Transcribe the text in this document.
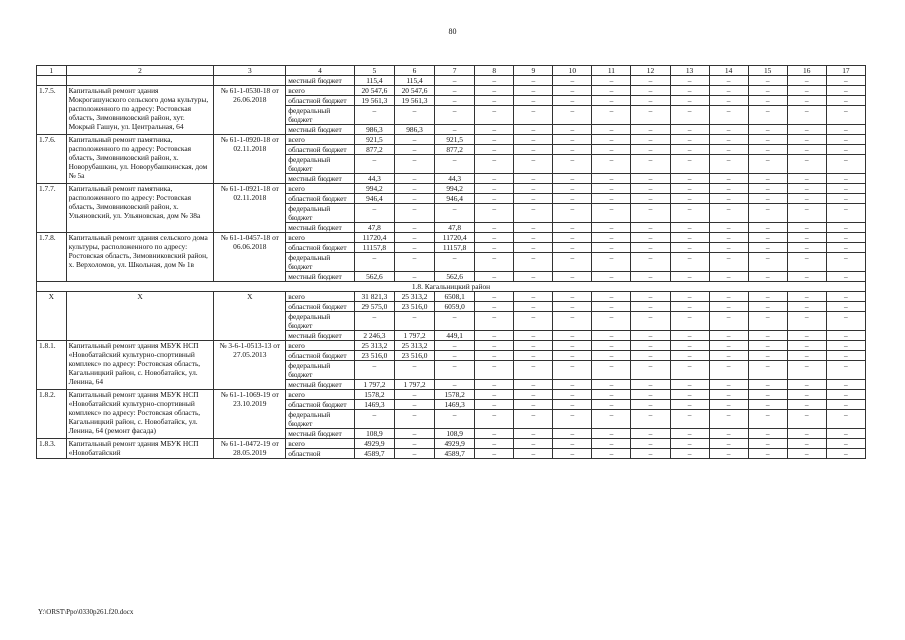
80
1	2	3	4	5	6	7	8	9	10	11	12	13	14	15	16	17
			местный бюджет	115,4	115,4	–	–	–	–	–	–	–	–	–	–	–
1.7.5.	Капитальный ремонт здания Мокрогашунского сельского дома культуры, расположенного по адресу: Ростовская область, Зимовниковский район, хут. Мокрый Гашун, ул. Центральная, 64	№ 61-1-0530-18 от 26.06.2018	всего	20 547,6	20 547,6	–	–	–	–	–	–	–	–	–	–	–
			областной бюджет	19 561,3	19 561,3	–	–	–	–	–	–	–	–	–	–	–
			федеральный бюджет	–	–	–	–	–	–	–	–	–	–	–	–	–
			местный бюджет	986,3	986,3	–	–	–	–	–	–	–	–	–	–	–
1.7.6.	Капитальный ремонт памятника, расположенного по адресу: Ростовская область, Зимовниковский район, х. Новорубашкин, ул. Новорубашкинская, дом № 5а	№ 61-1-0920-18 от 02.11.2018	всего	921,5	–	921,5	–	–	–	–	–	–	–	–	–	–
			областной бюджет	877,2	–	877,2	–	–	–	–	–	–	–	–	–	–
			федеральный бюджет	–	–	–	–	–	–	–	–	–	–	–	–	–
			местный бюджет	44,3	–	44,3	–	–	–	–	–	–	–	–	–	–
1.7.7.	Капитальный ремонт памятника, расположенного по адресу: Ростовская область, Зимовниковский район, х. Ульяновский, ул. Ульяновская, дом № 38а	№ 61-1-0921-18 от 02.11.2018	всего	994,2	–	994,2	–	–	–	–	–	–	–	–	–	–
			областной бюджет	946,4	–	946,4	–	–	–	–	–	–	–	–	–	–
			федеральный бюджет	–	–	–	–	–	–	–	–	–	–	–	–	–
			местный бюджет	47,8	–	47,8	–	–	–	–	–	–	–	–	–	–
1.7.8.	Капитальный ремонт здания сельского дома культуры, расположенного по адресу: Ростовская область, Зимовниковский район, х. Верхоломов, ул. Школьная, дом № 1в	№ 61-1-0457-18 от 06.06.2018	всего	11720,4	–	11720,4	–	–	–	–	–	–	–	–	–	–
			областной бюджет	11157,8	–	11157,8	–	–	–	–	–	–	–	–	–	–
			федеральный бюджет	–	–	–	–	–	–	–	–	–	–	–	–	–
			местный бюджет	562,6	–	562,6	–	–	–	–	–	–	–	–	–	–
1.8. Кагальницкий район																
X	X	X	всего	31 821,3	25 313,2	6508,1	–	–	–	–	–	–	–	–	–	–
			областной бюджет	29 575,0	23 516,0	6059,0	–	–	–	–	–	–	–	–	–	–
			федеральный бюджет	–	–	–	–	–	–	–	–	–	–	–	–	–
			местный бюджет	2 246,3	1 797,2	449,1	–	–	–	–	–	–	–	–	–	–
1.8.1.	Капитальный ремонт здания МБУК НСП «Новобатайский культурно-спортивный комплекс» по адресу: Ростовская область, Кагальницкий район, с. Новобатайск, ул. Ленина, 64	№ 3-6-1-0513-13 от 27.05.2013	всего	25 313,2	25 313,2	–	–	–	–	–	–	–	–	–	–	–
			областной бюджет	23 516,0	23 516,0	–	–	–	–	–	–	–	–	–	–	–
			федеральный бюджет	–	–	–	–	–	–	–	–	–	–	–	–	–
			местный бюджет	1 797,2	1 797,2	–	–	–	–	–	–	–	–	–	–	–
1.8.2.	Капитальный ремонт здания МБУК НСП «Новобатайский культурно-спортивный комплекс» по адресу: Ростовская область, Кагальницкий район, с. Новобатайск, ул. Ленина, 64 (ремонт фасада)	№ 61-1-1069-19 от 23.10.2019	всего	1578,2	–	1578,2	–	–	–	–	–	–	–	–	–	–
			областной бюджет	1469,3	–	1469,3	–	–	–	–	–	–	–	–	–	–
			федеральный бюджет	–	–	–	–	–	–	–	–	–	–	–	–	–
			местный бюджет	108,9	–	108,9	–	–	–	–	–	–	–	–	–	–
1.8.3.	Капитальный ремонт здания МБУК НСП «Новобатайский	№ 61-1-0472-19 от 28.05.2019	всего	4929,9	–	4929,9	–	–	–	–	–	–	–	–	–	–
			областной	4589,7	–	4589,7	–	–	–	–	–	–	–	–	–	–
Y:\ORST\Ppo\0330p261.f20.docx
